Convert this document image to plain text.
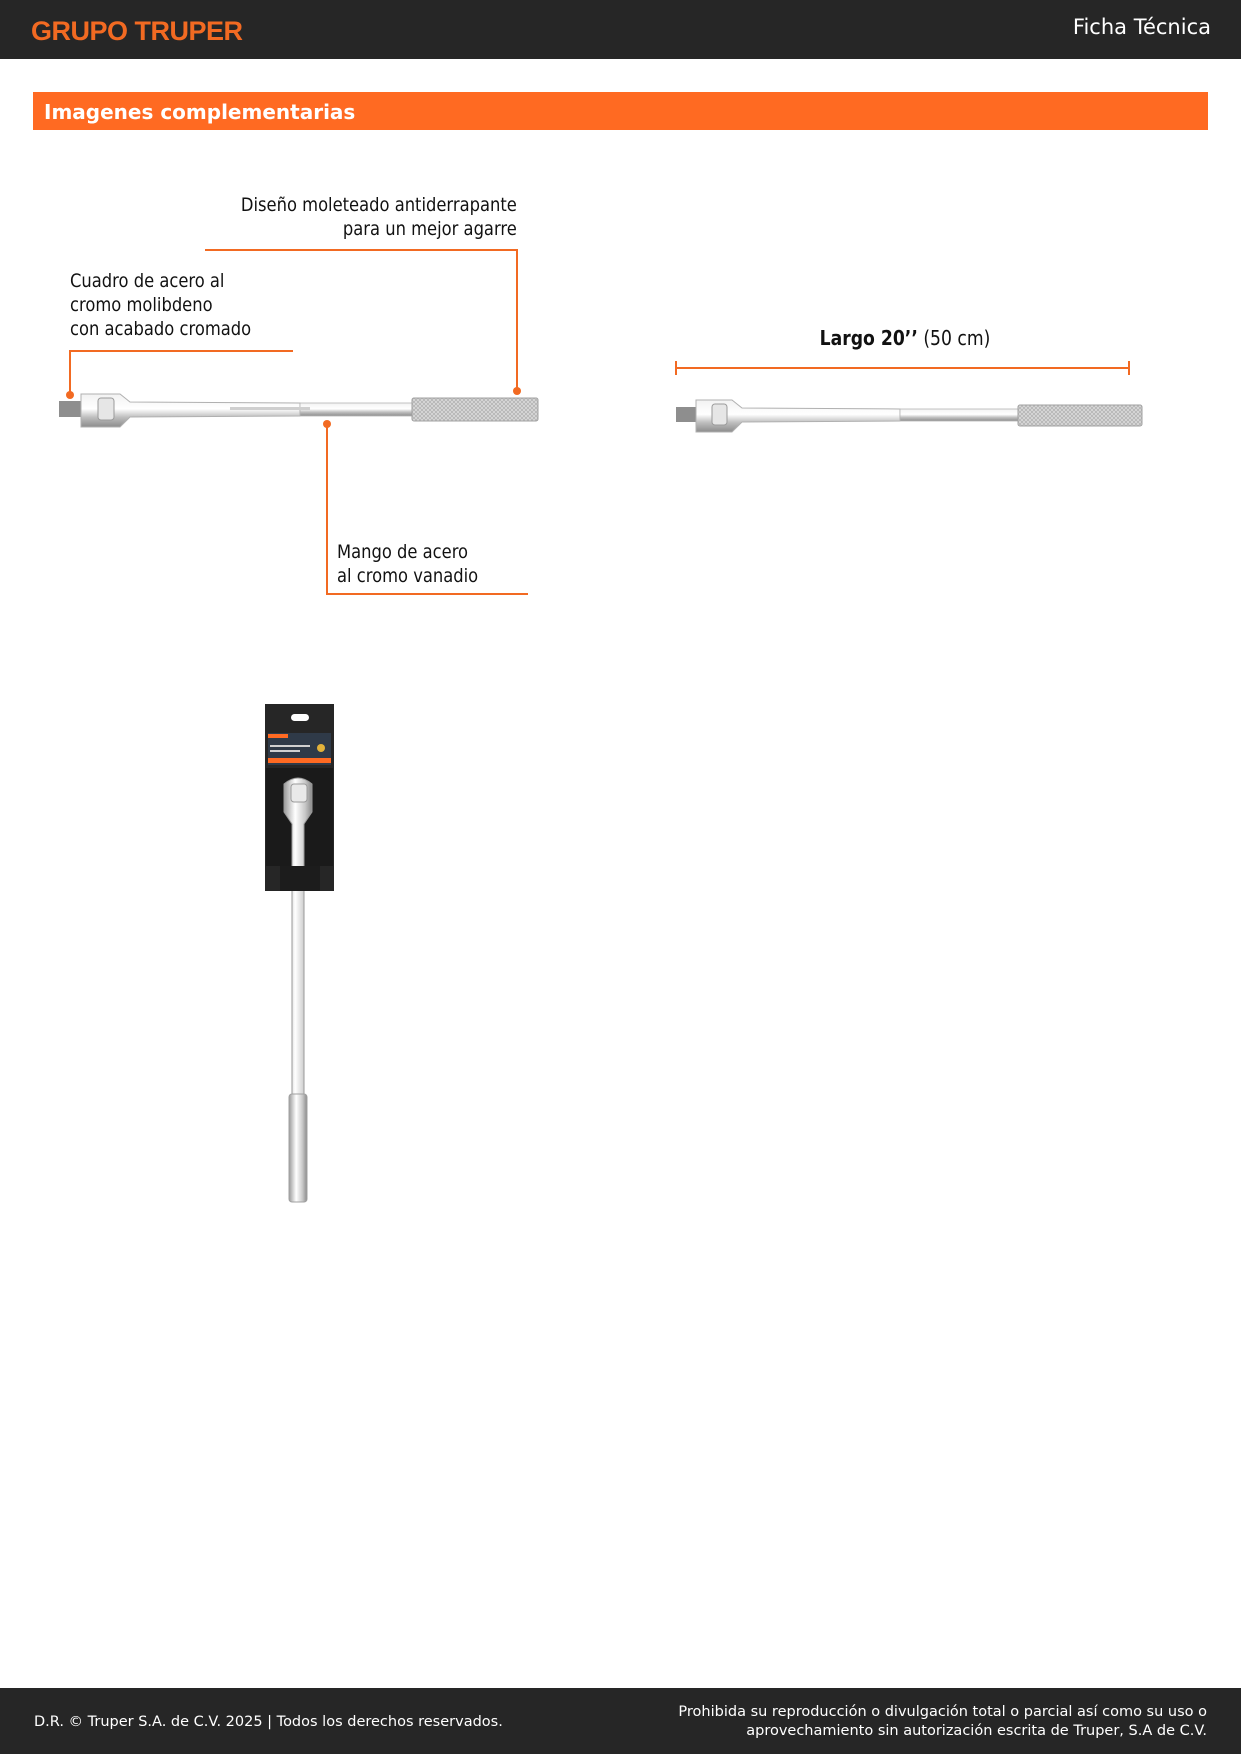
GRUPO TRUPER	Ficha Técnica
Imagenes complementarias
Diseño moleteado antiderrapante
para un mejor agarre
Cuadro de acero al
cromo molibdeno
con acabado cromado
Mango de acero
al cromo vanadio
Largo 20’’ (50 cm)
D.R. © Truper S.A. de C.V. 2025 | Todos los derechos reservados.
Prohibida su reproducción o divulgación total o parcial así como su uso o
aprovechamiento sin autorización escrita de Truper, S.A de C.V.
